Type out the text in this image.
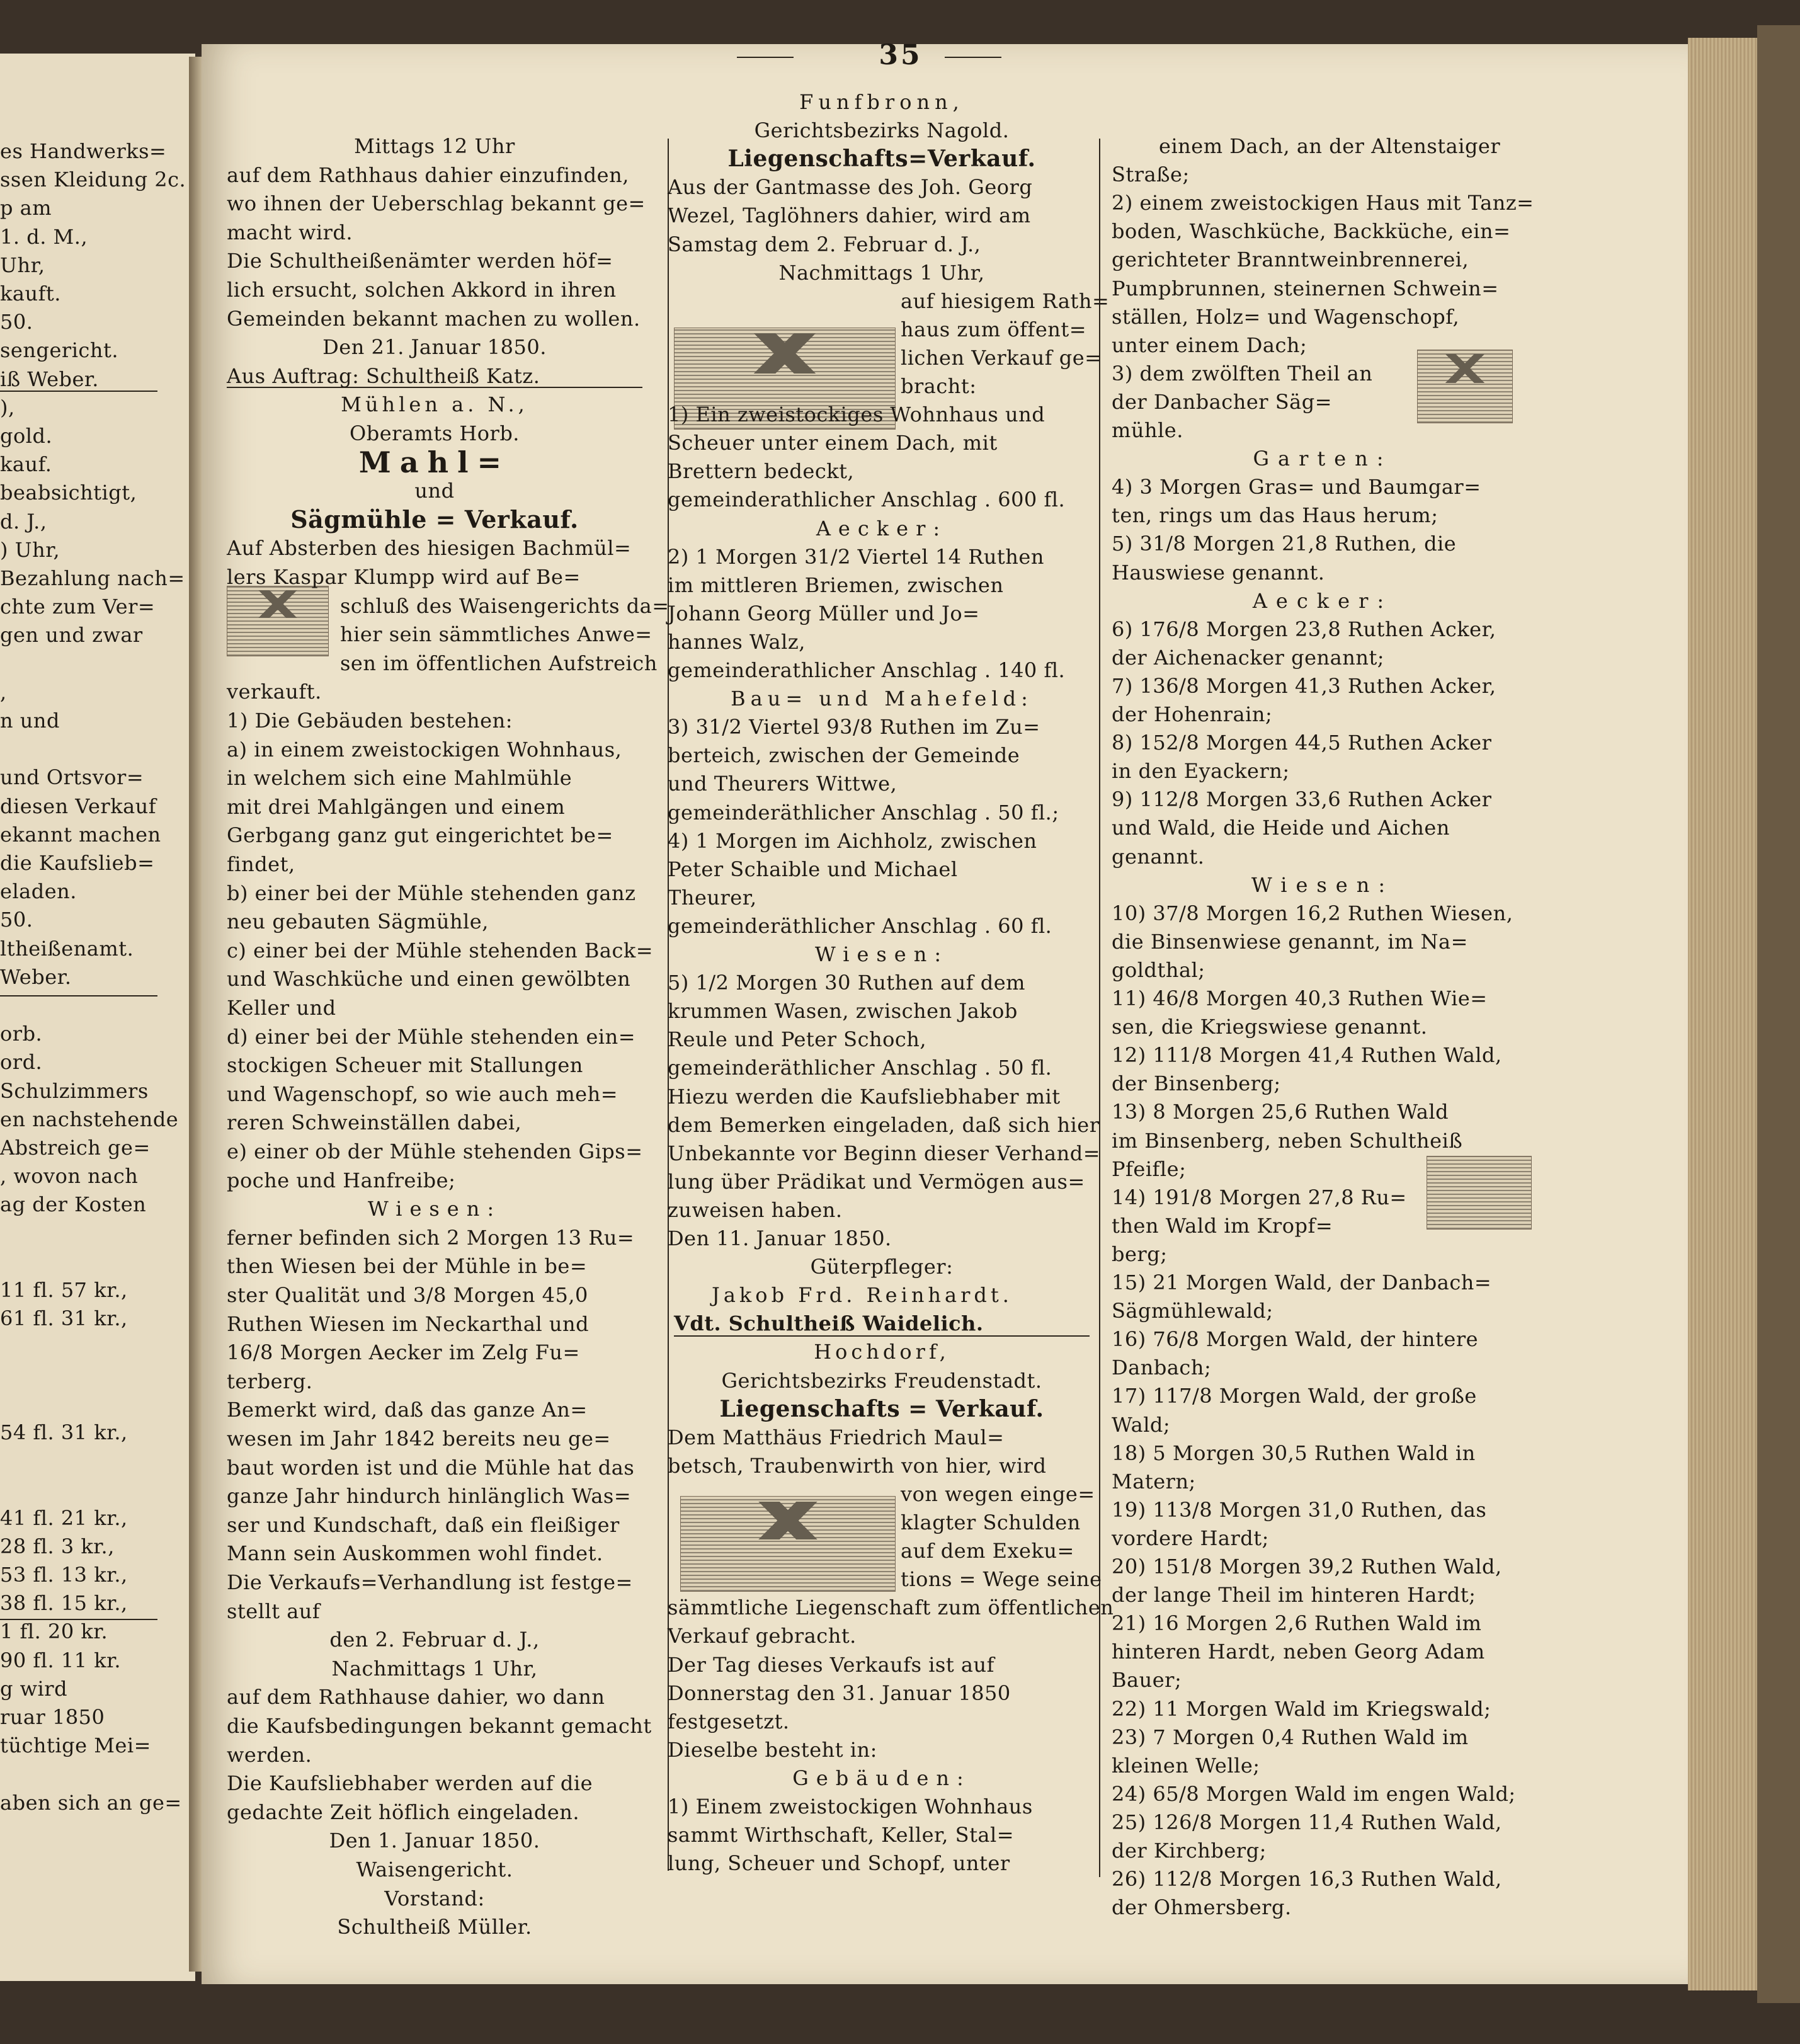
35
es Handwerks=
ssen Kleidung 2c.
p am
1. d. M.,
Uhr,
kauft.
50.
sengericht.
iß Weber.
),
gold.
kauf.
beabsichtigt,
d. J.,
) Uhr,
Bezahlung nach=
chte zum Ver=
gen und zwar
,
n und
und Ortsvor=
diesen Verkauf
ekannt machen
die Kaufslieb=
eladen.
50.
ltheißenamt.
Weber.
orb.
ord.
Schulzimmers
en nachstehende
Abstreich ge=
, wovon nach
ag der Kosten
11 fl. 57 kr.,
61 fl. 31 kr.,
54 fl. 31 kr.,
41 fl. 21 kr.,
28 fl. 3 kr.,
53 fl. 13 kr.,
38 fl. 15 kr.,
1 fl. 20 kr.
90 fl. 11 kr.
g wird
ruar 1850
tüchtige Mei=
aben sich an ge=
Mittags 12 Uhr
auf dem Rathhaus dahier einzufinden,
wo ihnen der Ueberschlag bekannt ge=
macht wird.
Die Schultheißenämter werden höf=
lich ersucht, solchen Akkord in ihren
Gemeinden bekannt machen zu wollen.
Den 21. Januar 1850.
Aus Auftrag: Schultheiß Katz.
Mühlen a. N.,
Oberamts Horb.
Mahl=
und
Sägmühle = Verkauf.
Auf Absterben des hiesigen Bachmül=
lers Kaspar Klumpp wird auf Be=
schluß des Waisengerichts da=
hier sein sämmtliches Anwe=
sen im öffentlichen Aufstreich
verkauft.
1) Die Gebäuden bestehen:
a) in einem zweistockigen Wohnhaus,
in welchem sich eine Mahlmühle
mit drei Mahlgängen und einem
Gerbgang ganz gut eingerichtet be=
findet,
b) einer bei der Mühle stehenden ganz
neu gebauten Sägmühle,
c) einer bei der Mühle stehenden Back=
und Waschküche und einen gewölbten
Keller und
d) einer bei der Mühle stehenden ein=
stockigen Scheuer mit Stallungen
und Wagenschopf, so wie auch meh=
reren Schweinställen dabei,
e) einer ob der Mühle stehenden Gips=
poche und Hanfreibe;
Wiesen:
ferner befinden sich 2 Morgen 13 Ru=
then Wiesen bei der Mühle in be=
ster Qualität und 3/8 Morgen 45,0
Ruthen Wiesen im Neckarthal und
16/8 Morgen Aecker im Zelg Fu=
terberg.
Bemerkt wird, daß das ganze An=
wesen im Jahr 1842 bereits neu ge=
baut worden ist und die Mühle hat das
ganze Jahr hindurch hinlänglich Was=
ser und Kundschaft, daß ein fleißiger
Mann sein Auskommen wohl findet.
Die Verkaufs=Verhandlung ist festge=
stellt auf
den 2. Februar d. J.,
Nachmittags 1 Uhr,
auf dem Rathhause dahier, wo dann
die Kaufsbedingungen bekannt gemacht
werden.
Die Kaufsliebhaber werden auf die
gedachte Zeit höflich eingeladen.
Den 1. Januar 1850.
Waisengericht.
Vorstand:
Schultheiß Müller.
Funfbronn,
Gerichtsbezirks Nagold.
Liegenschafts=Verkauf.
Aus der Gantmasse des Joh. Georg
Wezel, Taglöhners dahier, wird am
Samstag dem 2. Februar d. J.,
Nachmittags 1 Uhr,
auf hiesigem Rath=
haus zum öffent=
lichen Verkauf ge=
bracht:
1) Ein zweistockiges Wohnhaus und
Scheuer unter einem Dach, mit
Brettern bedeckt,
gemeinderathlicher Anschlag . 600 fl.
Aecker:
2) 1 Morgen 31/2 Viertel 14 Ruthen
im mittleren Briemen, zwischen
Johann Georg Müller und Jo=
hannes Walz,
gemeinderathlicher Anschlag . 140 fl.
Bau= und Mahefeld:
3) 31/2 Viertel 93/8 Ruthen im Zu=
berteich, zwischen der Gemeinde
und Theurers Wittwe,
gemeinderäthlicher Anschlag . 50 fl.;
4) 1 Morgen im Aichholz, zwischen
Peter Schaible und Michael
Theurer,
gemeinderäthlicher Anschlag . 60 fl.
Wiesen:
5) 1/2 Morgen 30 Ruthen auf dem
krummen Wasen, zwischen Jakob
Reule und Peter Schoch,
gemeinderäthlicher Anschlag . 50 fl.
Hiezu werden die Kaufsliebhaber mit
dem Bemerken eingeladen, daß sich hier
Unbekannte vor Beginn dieser Verhand=
lung über Prädikat und Vermögen aus=
zuweisen haben.
Den 11. Januar 1850.
Güterpfleger:
Jakob Frd. Reinhardt.
Vdt. Schultheiß Waidelich.
Hochdorf,
Gerichtsbezirks Freudenstadt.
Liegenschafts = Verkauf.
Dem Matthäus Friedrich Maul=
betsch, Traubenwirth von hier, wird
von wegen einge=
klagter Schulden
auf dem Exeku=
tions = Wege seine
sämmtliche Liegenschaft zum öffentlichen
Verkauf gebracht.
Der Tag dieses Verkaufs ist auf
Donnerstag den 31. Januar 1850
festgesetzt.
Dieselbe besteht in:
Gebäuden:
1) Einem zweistockigen Wohnhaus
sammt Wirthschaft, Keller, Stal=
lung, Scheuer und Schopf, unter
einem Dach, an der Altenstaiger
Straße;
2) einem zweistockigen Haus mit Tanz=
boden, Waschküche, Backküche, ein=
gerichteter Branntweinbrennerei,
Pumpbrunnen, steinernen Schwein=
ställen, Holz= und Wagenschopf,
unter einem Dach;
3) dem zwölften Theil an
der Danbacher Säg=
mühle.
Garten:
4) 3 Morgen Gras= und Baumgar=
ten, rings um das Haus herum;
5) 31/8 Morgen 21,8 Ruthen, die
Hauswiese genannt.
Aecker:
6) 176/8 Morgen 23,8 Ruthen Acker,
der Aichenacker genannt;
7) 136/8 Morgen 41,3 Ruthen Acker,
der Hohenrain;
8) 152/8 Morgen 44,5 Ruthen Acker
in den Eyackern;
9) 112/8 Morgen 33,6 Ruthen Acker
und Wald, die Heide und Aichen
genannt.
Wiesen:
10) 37/8 Morgen 16,2 Ruthen Wiesen,
die Binsenwiese genannt, im Na=
goldthal;
11) 46/8 Morgen 40,3 Ruthen Wie=
sen, die Kriegswiese genannt.
12) 111/8 Morgen 41,4 Ruthen Wald,
der Binsenberg;
13) 8 Morgen 25,6 Ruthen Wald
im Binsenberg, neben Schultheiß
Pfeifle;
14) 191/8 Morgen 27,8 Ru=
then Wald im Kropf=
berg;
15) 21 Morgen Wald, der Danbach=
Sägmühlewald;
16) 76/8 Morgen Wald, der hintere
Danbach;
17) 117/8 Morgen Wald, der große
Wald;
18) 5 Morgen 30,5 Ruthen Wald in
Matern;
19) 113/8 Morgen 31,0 Ruthen, das
vordere Hardt;
20) 151/8 Morgen 39,2 Ruthen Wald,
der lange Theil im hinteren Hardt;
21) 16 Morgen 2,6 Ruthen Wald im
hinteren Hardt, neben Georg Adam
Bauer;
22) 11 Morgen Wald im Kriegswald;
23) 7 Morgen 0,4 Ruthen Wald im
kleinen Welle;
24) 65/8 Morgen Wald im engen Wald;
25) 126/8 Morgen 11,4 Ruthen Wald,
der Kirchberg;
26) 112/8 Morgen 16,3 Ruthen Wald,
der Ohmersberg.
